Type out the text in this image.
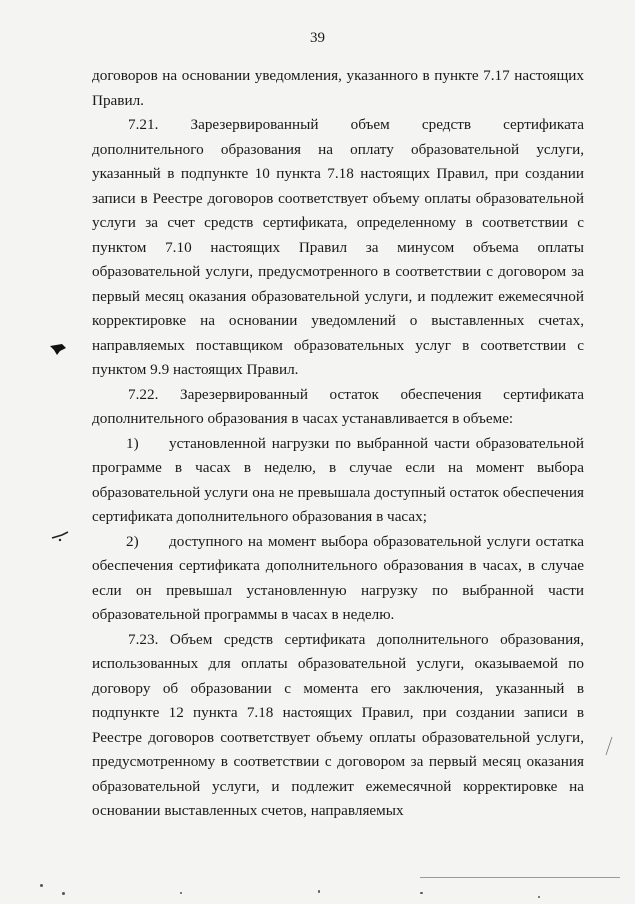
39

договоров на основании уведомления, указанного в пункте 7.17 настоящих Правил.

7.21. Зарезервированный объем средств сертификата дополнительного образования на оплату образовательной услуги, указанный в подпункте 10 пункта 7.18 настоящих Правил, при создании записи в Реестре договоров соответствует объему оплаты образовательной услуги за счет средств сертификата, определенному в соответствии с пунктом 7.10 настоящих Правил за минусом объема оплаты образовательной услуги, предусмотренного в соответствии с договором за первый месяц оказания образовательной услуги, и подлежит ежемесячной корректировке на основании уведомлений о выставленных счетах, направляемых поставщиком образовательных услуг в соответствии с пунктом 9.9 настоящих Правил.

7.22. Зарезервированный остаток обеспечения сертификата дополнительного образования в часах устанавливается в объеме:

1)  установленной нагрузки по выбранной части образовательной программе в часах в неделю, в случае если на момент выбора образовательной услуги она не превышала доступный остаток обеспечения сертификата дополнительного образования в часах;

2)  доступного на момент выбора образовательной услуги остатка обеспечения сертификата дополнительного образования в часах, в случае если он превышал установленную нагрузку по выбранной части образовательной программы в часах в неделю.

7.23. Объем средств сертификата дополнительного образования, использованных для оплаты образовательной услуги, оказываемой по договору об образовании с момента его заключения, указанный в подпункте 12 пункта 7.18 настоящих Правил, при создании записи в Реестре договоров соответствует объему оплаты образовательной услуги, предусмотренному в соответствии с договором за первый месяц оказания образовательной услуги, и подлежит ежемесячной корректировке на основании выставленных счетов, направляемых
